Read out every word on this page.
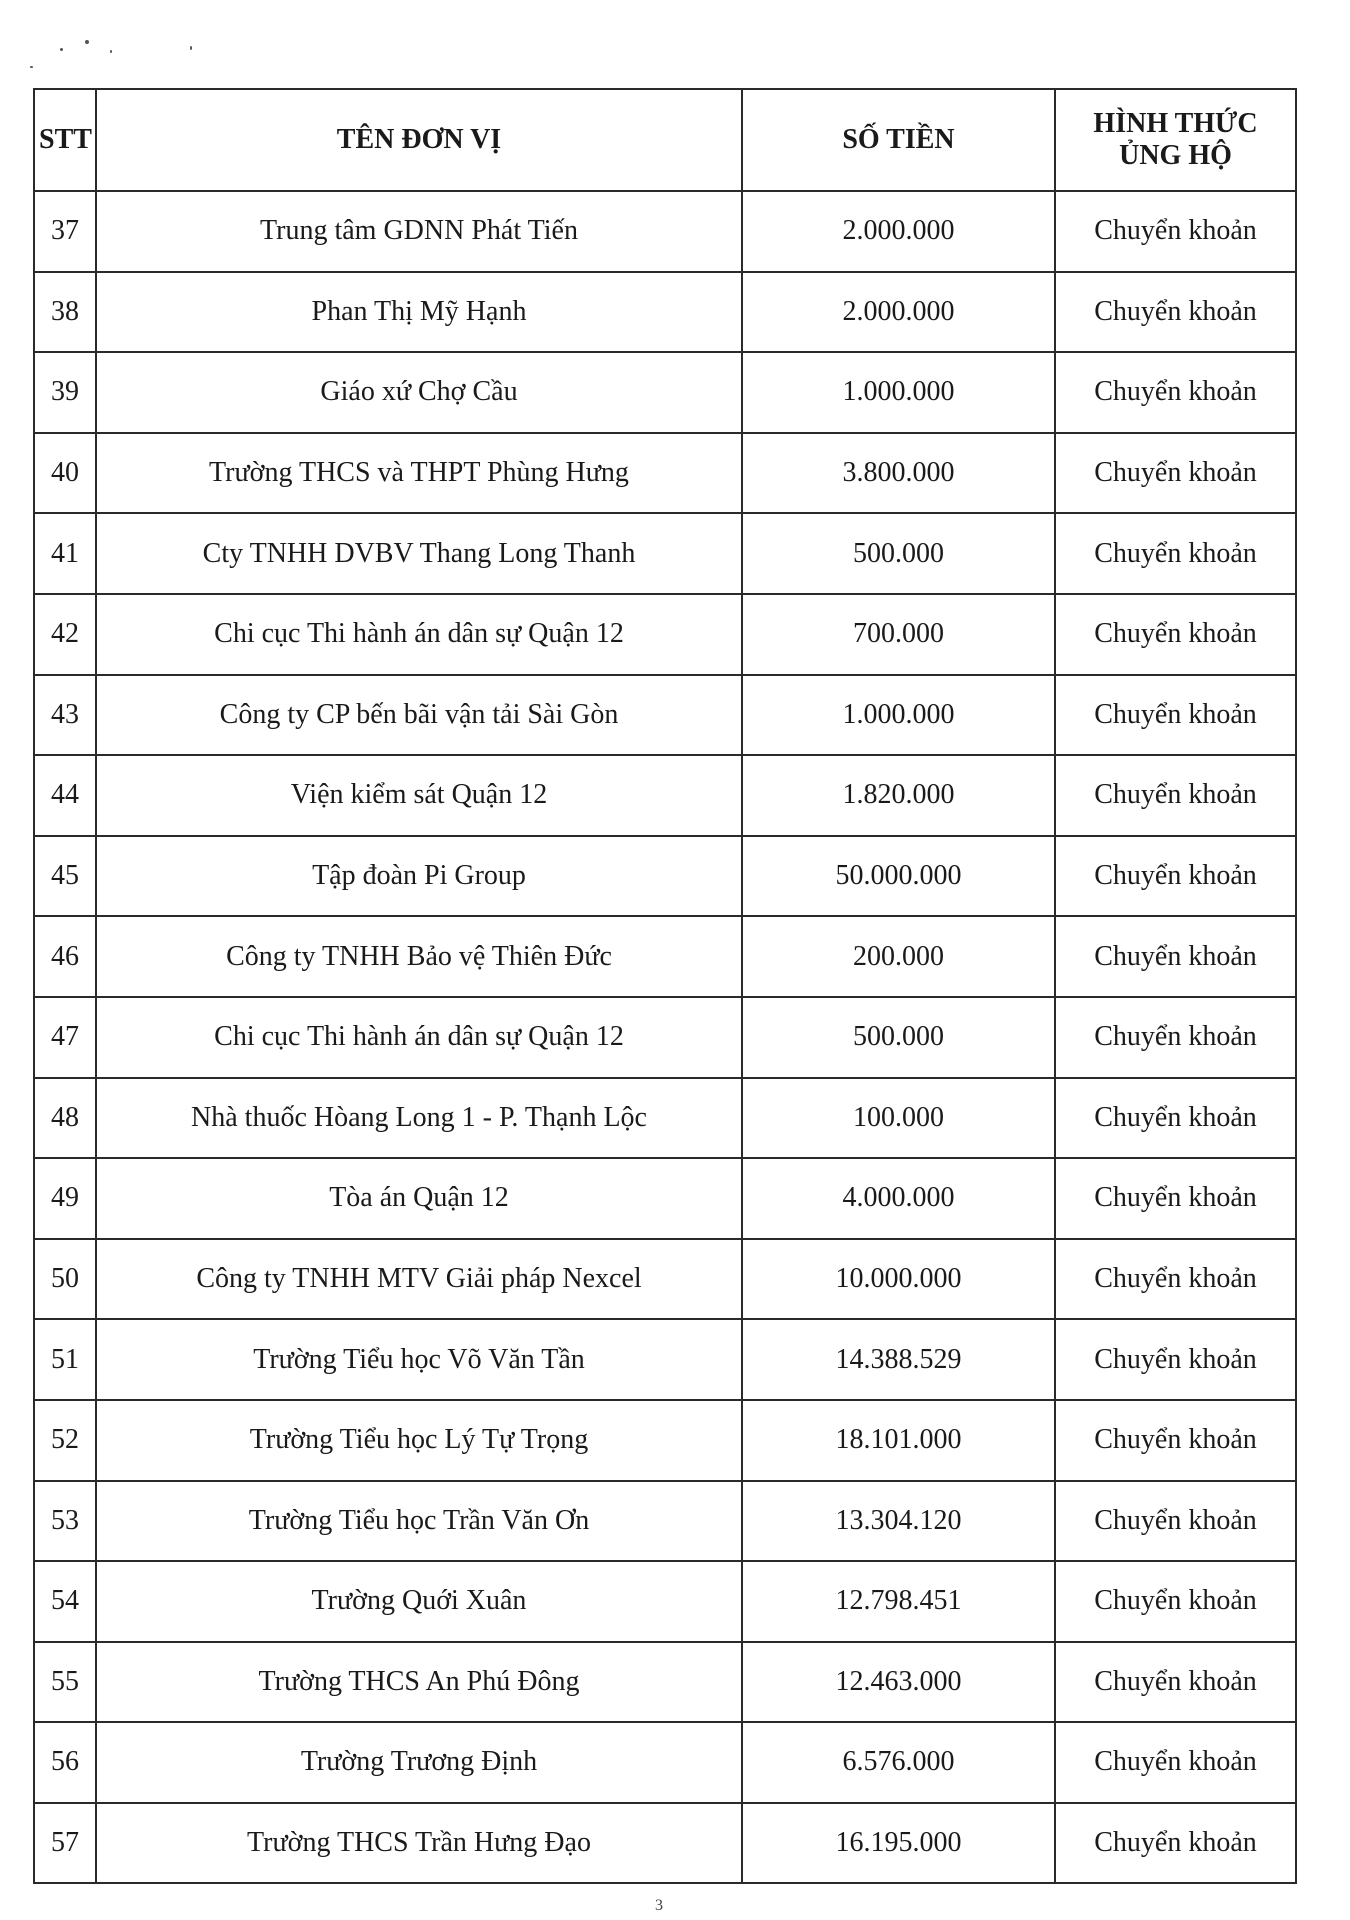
STT	TÊN ĐƠN VỊ	SỐ TIỀN	HÌNH THỨC
ỦNG HỘ
37	Trung tâm GDNN Phát Tiến	2.000.000	Chuyển khoản
38	Phan Thị Mỹ Hạnh	2.000.000	Chuyển khoản
39	Giáo xứ Chợ Cầu	1.000.000	Chuyển khoản
40	Trường THCS và THPT Phùng Hưng	3.800.000	Chuyển khoản
41	Cty TNHH DVBV Thang Long Thanh	500.000	Chuyển khoản
42	Chi cục Thi hành án dân sự Quận 12	700.000	Chuyển khoản
43	Công ty CP bến bãi vận tải Sài Gòn	1.000.000	Chuyển khoản
44	Viện kiểm sát Quận 12	1.820.000	Chuyển khoản
45	Tập đoàn Pi Group	50.000.000	Chuyển khoản
46	Công ty TNHH Bảo vệ Thiên Đức	200.000	Chuyển khoản
47	Chi cục Thi hành án dân sự Quận 12	500.000	Chuyển khoản
48	Nhà thuốc Hòang Long 1 - P. Thạnh Lộc	100.000	Chuyển khoản
49	Tòa án Quận 12	4.000.000	Chuyển khoản
50	Công ty TNHH MTV Giải pháp Nexcel	10.000.000	Chuyển khoản
51	Trường Tiểu học Võ Văn Tần	14.388.529	Chuyển khoản
52	Trường Tiểu học Lý Tự Trọng	18.101.000	Chuyển khoản
53	Trường Tiểu học Trần Văn Ơn	13.304.120	Chuyển khoản
54	Trường Quới Xuân	12.798.451	Chuyển khoản
55	Trường THCS An Phú Đông	12.463.000	Chuyển khoản
56	Trường Trương Định	6.576.000	Chuyển khoản
57	Trường THCS Trần Hưng Đạo	16.195.000	Chuyển khoản
3
